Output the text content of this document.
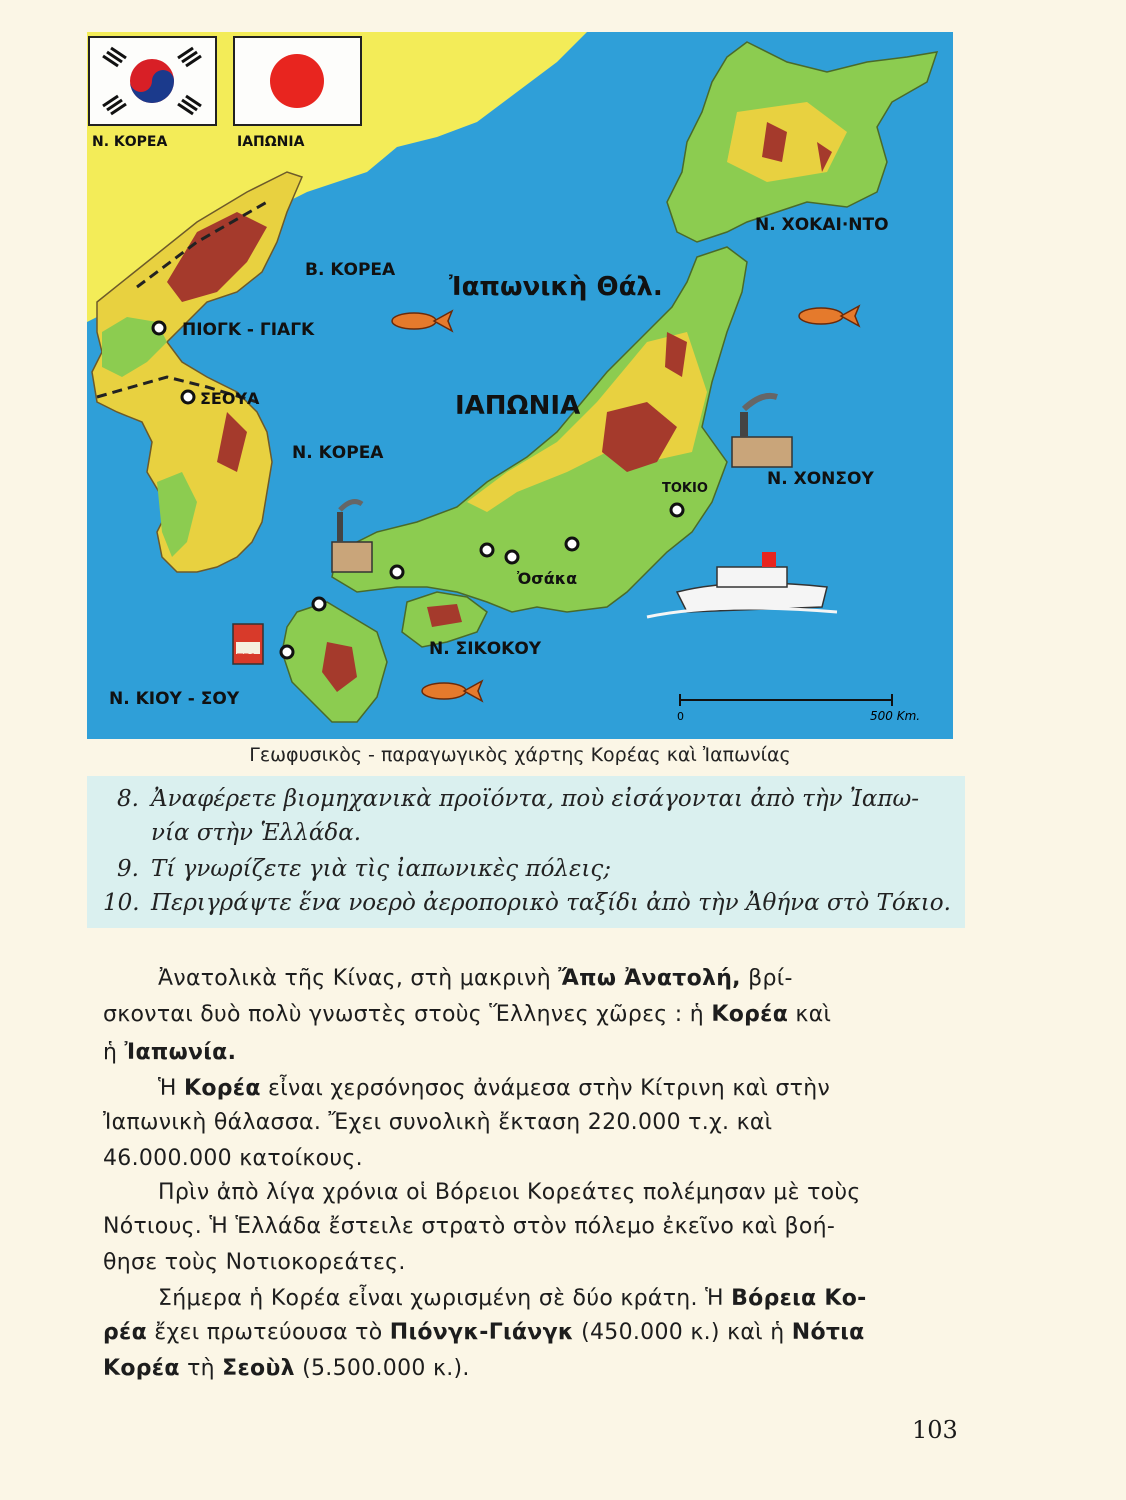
Ν. ΚΟΡΕΑ	ΙΑΠΩΝΙΑ
ΤΕΑ
Β. ΚΟΡΕΑ
Ἰαπωνικὴ Θάλ.
ΠΙΟΓΚ - ΓΙΑΓΚ
ΣΕΟΥΛ
Ν. ΚΟΡΕΑ
ΙΑΠΩΝΙΑ
Ν. ΧΟΚΑΙ·ΝΤΟ
Ν. ΧΟΝΣΟΥ
ΤΟΚΙΟ
Ὀσάκα
Ν. ΣΙΚΟΚΟΥ
Ν. ΚΙΟΥ - ΣΟΥ
0	500 Km.
Γεωφυσικὸς - παραγωγικὸς χάρτης Κορέας καὶ Ἰαπωνίας
8. Ἀναφέρετε βιομηχανικὰ προϊόντα, ποὺ εἰσάγονται ἀπὸ τὴν Ἰαπω-
νία στὴν Ἑλλάδα.
9. Τί γνωρίζετε γιὰ τὶς ἰαπωνικὲς πόλεις;
10. Περιγράψτε ἕνα νοερὸ ἀεροπορικὸ ταξίδι ἀπὸ τὴν Ἀθήνα στὸ Τόκιο.
Ἀνατολικὰ τῆς Κίνας, στὴ μακρινὴ Ἄπω Ἀνατολή, βρί-
σκονται δυὸ πολὺ γνωστὲς στοὺς Ἕλληνες χῶρες : ἡ Κορέα καὶ
ἡ Ἰαπωνία.
Ἡ Κορέα εἶναι χερσόνησος ἀνάμεσα στὴν Κίτρινη καὶ στὴν
Ἰαπωνικὴ θάλασσα. Ἔχει συνολικὴ ἔκταση 220.000 τ.χ. καὶ
46.000.000 κατοίκους.
Πρὶν ἀπὸ λίγα χρόνια οἱ Βόρειοι Κορεάτες πολέμησαν μὲ τοὺς
Νότιους. Ἡ Ἑλλάδα ἔστειλε στρατὸ στὸν πόλεμο ἐκεῖνο καὶ βοή-
θησε τοὺς Νοτιοκορεάτες.
Σήμερα ἡ Κορέα εἶναι χωρισμένη σὲ δύο κράτη. Ἡ Βόρεια Κο-
ρέα ἔχει πρωτεύουσα τὸ Πιόνγκ-Γιάνγκ (450.000 κ.) καὶ ἡ Νότια
Κορέα τὴ Σεοὺλ (5.500.000 κ.).
103
